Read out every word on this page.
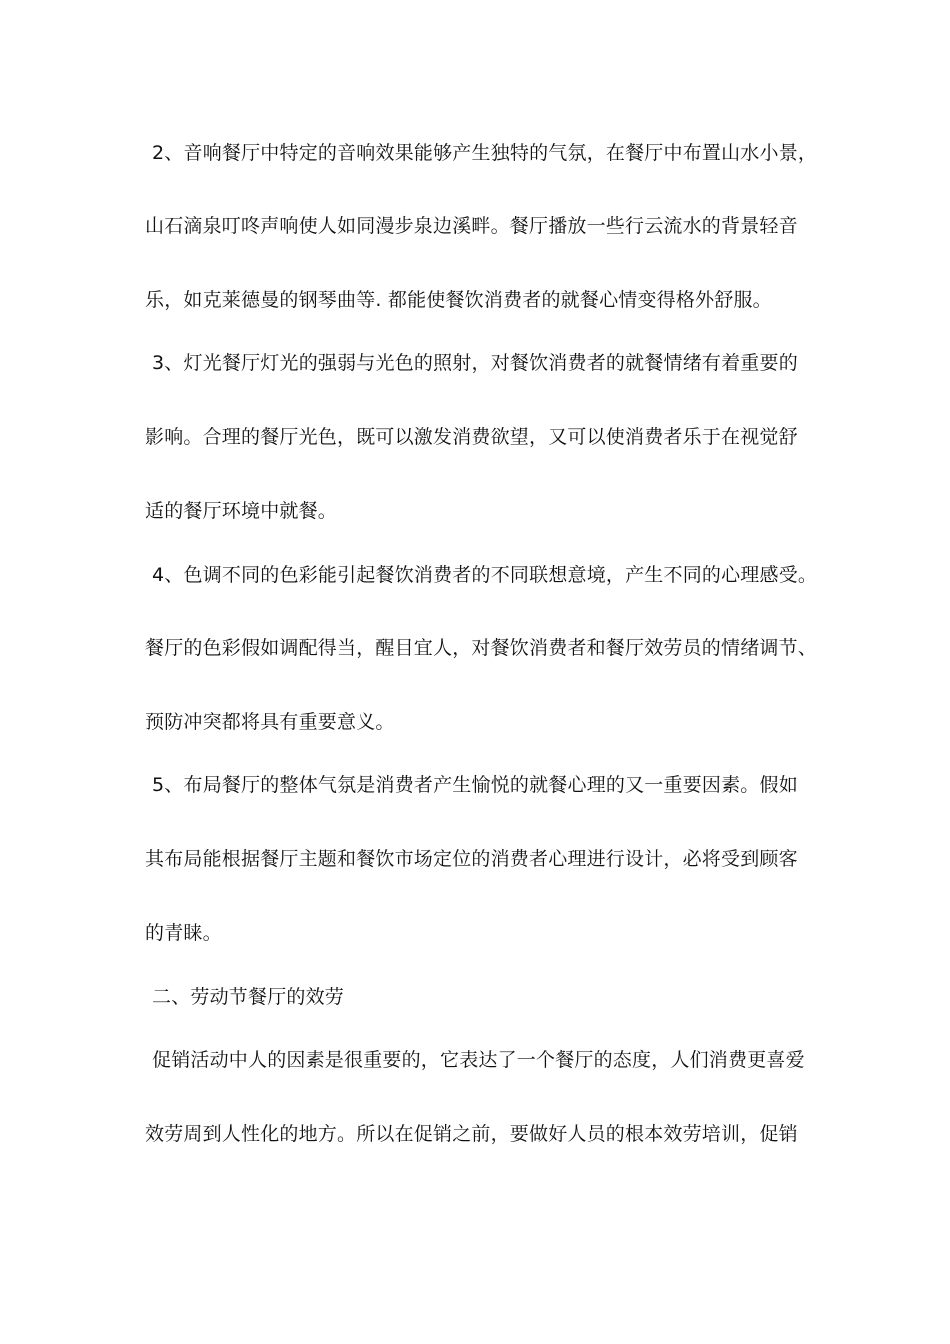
2、音响餐厅中特定的音响效果能够产生独特的气氛，在餐厅中布置山水小景，
山石滴泉叮咚声响使人如同漫步泉边溪畔。餐厅播放一些行云流水的背景轻音
乐，如克莱德曼的钢琴曲等. 都能使餐饮消费者的就餐心情变得格外舒服。
3、灯光餐厅灯光的强弱与光色的照射，对餐饮消费者的就餐情绪有着重要的
影响。合理的餐厅光色，既可以激发消费欲望，又可以使消费者乐于在视觉舒
适的餐厅环境中就餐。
4、色调不同的色彩能引起餐饮消费者的不同联想意境，产生不同的心理感受。
餐厅的色彩假如调配得当，醒目宜人，对餐饮消费者和餐厅效劳员的情绪调节、
预防冲突都将具有重要意义。
5、布局餐厅的整体气氛是消费者产生愉悦的就餐心理的又一重要因素。假如
其布局能根据餐厅主题和餐饮市场定位的消费者心理进行设计，必将受到顾客
的青睐。
二、劳动节餐厅的效劳
促销活动中人的因素是很重要的，它表达了一个餐厅的态度，人们消费更喜爱
效劳周到人性化的地方。所以在促销之前，要做好人员的根本效劳培训，促销
